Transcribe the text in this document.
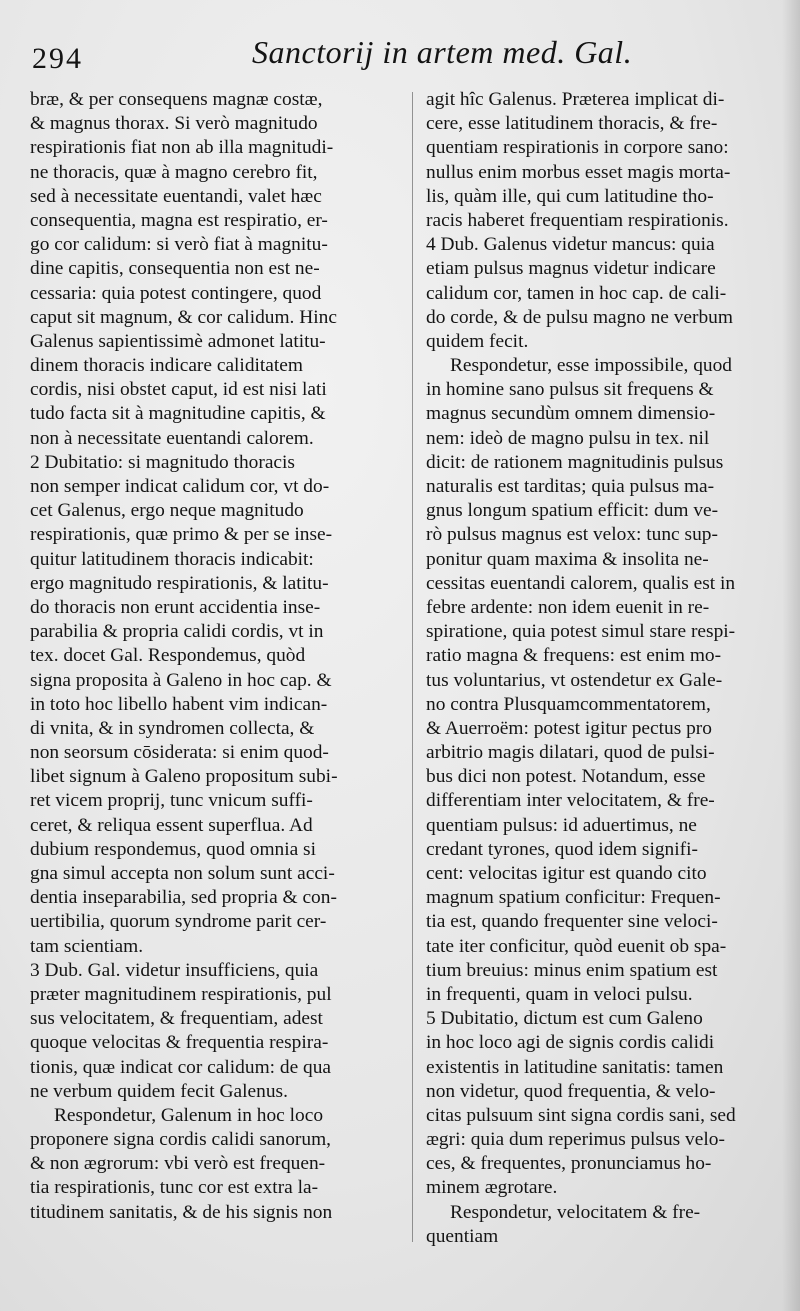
294	Sanctorij in artem med. Gal.
bræ, & per consequens magnæ costæ,
& magnus thorax. Si verò magnitudo
respirationis fiat non ab illa magnitudi-
ne thoracis, quæ à magno cerebro fit,
sed à necessitate euentandi, valet hæc
consequentia, magna est respiratio, er-
go cor calidum: si verò fiat à magnitu-
dine capitis, consequentia non est ne-
cessaria: quia potest contingere, quod
caput sit magnum, & cor calidum. Hinc
Galenus sapientissimè admonet latitu-
dinem thoracis indicare caliditatem
cordis, nisi obstet caput, id est nisi lati
tudo facta sit à magnitudine capitis, &
non à necessitate euentandi calorem.
2 Dubitatio: si magnitudo thoracis
non semper indicat calidum cor, vt do-
cet Galenus, ergo neque magnitudo
respirationis, quæ primo & per se inse-
quitur latitudinem thoracis indicabit:
ergo magnitudo respirationis, & latitu-
do thoracis non erunt accidentia inse-
parabilia & propria calidi cordis, vt in
tex. docet Gal. Respondemus, quòd
signa proposita à Galeno in hoc cap. &
in toto hoc libello habent vim indican-
di vnita, & in syndromen collecta, &
non seorsum cōsiderata: si enim quod-
libet signum à Galeno propositum subi-
ret vicem proprij, tunc vnicum suffi-
ceret, & reliqua essent superflua. Ad
dubium respondemus, quod omnia si
gna simul accepta non solum sunt acci-
dentia inseparabilia, sed propria & con-
uertibilia, quorum syndrome parit cer-
tam scientiam.
3 Dub. Gal. videtur insufficiens, quia
præter magnitudinem respirationis, pul
sus velocitatem, & frequentiam, adest
quoque velocitas & frequentia respira-
tionis, quæ indicat cor calidum: de qua
ne verbum quidem fecit Galenus.
Respondetur, Galenum in hoc loco
proponere signa cordis calidi sanorum,
& non ægrorum: vbi verò est frequen-
tia respirationis, tunc cor est extra la-
titudinem sanitatis, & de his signis non
agit hîc Galenus. Præterea implicat di-
cere, esse latitudinem thoracis, & fre-
quentiam respirationis in corpore sano:
nullus enim morbus esset magis morta-
lis, quàm ille, qui cum latitudine tho-
racis haberet frequentiam respirationis.
4 Dub. Galenus videtur mancus: quia
etiam pulsus magnus videtur indicare
calidum cor, tamen in hoc cap. de cali-
do corde, & de pulsu magno ne verbum
quidem fecit.
Respondetur, esse impossibile, quod
in homine sano pulsus sit frequens &
magnus secundùm omnem dimensio-
nem: ideò de magno pulsu in tex. nil
dicit: de rationem magnitudinis pulsus
naturalis est tarditas; quia pulsus ma-
gnus longum spatium efficit: dum ve-
rò pulsus magnus est velox: tunc sup-
ponitur quam maxima & insolita ne-
cessitas euentandi calorem, qualis est in
febre ardente: non idem euenit in re-
spiratione, quia potest simul stare respi-
ratio magna & frequens: est enim mo-
tus voluntarius, vt ostendetur ex Gale-
no contra Plusquamcommentatorem,
& Auerroëm: potest igitur pectus pro
arbitrio magis dilatari, quod de pulsi-
bus dici non potest. Notandum, esse
differentiam inter velocitatem, & fre-
quentiam pulsus: id aduertimus, ne
credant tyrones, quod idem signifi-
cent: velocitas igitur est quando cito
magnum spatium conficitur: Frequen-
tia est, quando frequenter sine veloci-
tate iter conficitur, quòd euenit ob spa-
tium breuius: minus enim spatium est
in frequenti, quam in veloci pulsu.
5 Dubitatio, dictum est cum Galeno
in hoc loco agi de signis cordis calidi
existentis in latitudine sanitatis: tamen
non videtur, quod frequentia, & velo-
citas pulsuum sint signa cordis sani, sed
ægri: quia dum reperimus pulsus velo-
ces, & frequentes, pronunciamus ho-
minem ægrotare.
Respondetur, velocitatem & fre-
quentiam
